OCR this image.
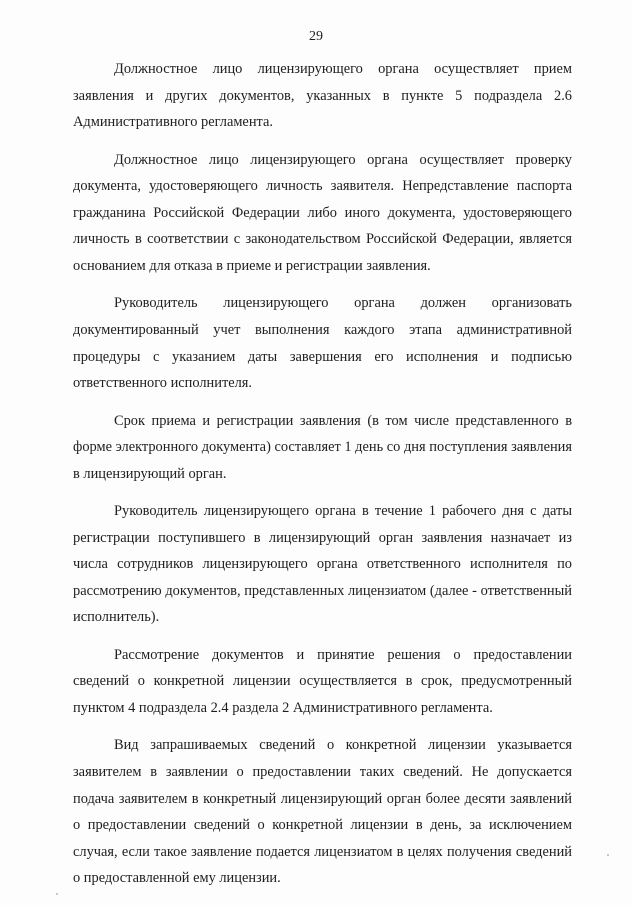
29

Должностное лицо лицензирующего органа осуществляет прием заявления и других документов, указанных в пункте 5 подраздела 2.6 Административного регламента.

Должностное лицо лицензирующего органа осуществляет проверку документа, удостоверяющего личность заявителя. Непредставление паспорта гражданина Российской Федерации либо иного документа, удостоверяющего личность в соответствии с законодательством Российской Федерации, является основанием для отказа в приеме и регистрации заявления.

Руководитель лицензирующего органа должен организовать документированный учет выполнения каждого этапа административной процедуры с указанием даты завершения его исполнения и подписью ответственного исполнителя.

Срок приема и регистрации заявления (в том числе представленного в форме электронного документа) составляет 1 день со дня поступления заявления в лицензирующий орган.

Руководитель лицензирующего органа в течение 1 рабочего дня с даты регистрации поступившего в лицензирующий орган заявления назначает из числа сотрудников лицензирующего органа ответственного исполнителя по рассмотрению документов, представленных лицензиатом (далее - ответственный исполнитель).

Рассмотрение документов и принятие решения о предоставлении сведений о конкретной лицензии осуществляется в срок, предусмотренный пунктом 4 подраздела 2.4 раздела 2 Административного регламента.

Вид запрашиваемых сведений о конкретной лицензии указывается заявителем в заявлении о предоставлении таких сведений. Не допускается подача заявителем в конкретный лицензирующий орган более десяти заявлений о предоставлении сведений о конкретной лицензии в день, за исключением случая, если такое заявление подается лицензиатом в целях получения сведений о предоставленной ему лицензии.
